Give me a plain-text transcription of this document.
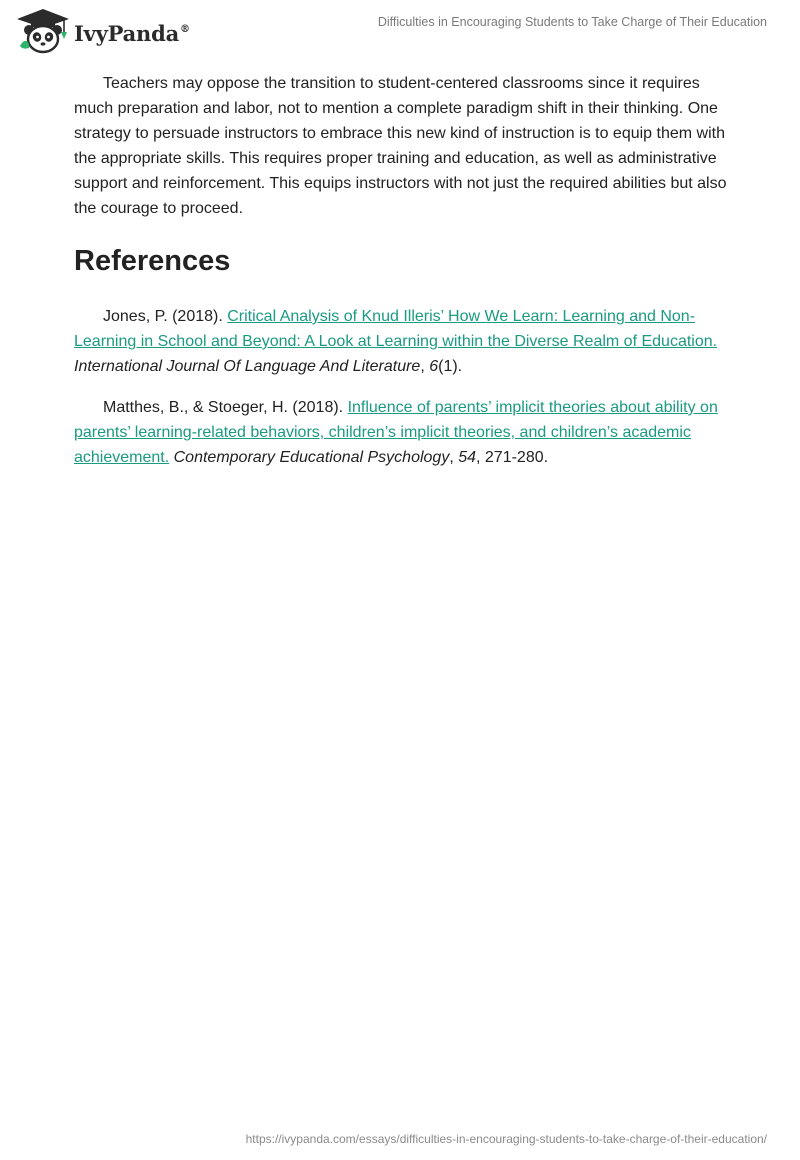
IvyPanda®	Difficulties in Encouraging Students to Take Charge of Their Education

Teachers may oppose the transition to student-centered classrooms since it requires much preparation and labor, not to mention a complete paradigm shift in their thinking. One strategy to persuade instructors to embrace this new kind of instruction is to equip them with the appropriate skills. This requires proper training and education, as well as administrative support and reinforcement. This equips instructors with not just the required abilities but also the courage to proceed.

References

Jones, P. (2018). Critical Analysis of Knud Illeris’ How We Learn: Learning and Non-Learning in School and Beyond: A Look at Learning within the Diverse Realm of Education. International Journal Of Language And Literature, 6(1).

Matthes, B., & Stoeger, H. (2018). Influence of parents’ implicit theories about ability on parents’ learning-related behaviors, children’s implicit theories, and children’s academic achievement. Contemporary Educational Psychology, 54, 271-280.

https://ivypanda.com/essays/difficulties-in-encouraging-students-to-take-charge-of-their-education/
